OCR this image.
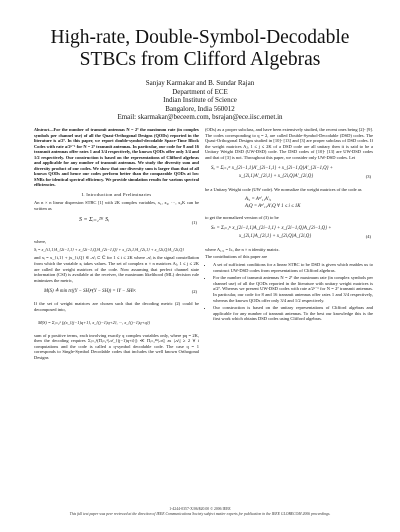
High-rate, Double-Symbol-Decodable STBCs from Clifford Algebras
Sanjay Karmakar and B. Sundar Rajan
Department of ECE
Indian Institute of Science
Bangalore, India 560012
Email: skarmakar@beceem.com, bsrajan@ece.iisc.ernet.in
Abstract—For the number of transmit antennas N = 2ª the maximum rate (in complex symbols per channel use) of all the Quasi-Orthogonal Designs (QODs) reported in the literature is a/2ª. In this paper, we report double-symbol-decodable Space-Time Block Codes with rate a/2ᵃ⁻¹ for N = 2ª transmit antennas. In particular, our code for 8 and 16 transmit antennas offer rates 1 and 3/4 respectively, the known QODs offer only 3/4 and 1/2 respectively. Our construction is based on the representations of Clifford algebras and applicable for any number of transmit antennas. We study the diversity sum and diversity product of our codes. We show that our diversity sum is larger than that of all known QODs and hence our codes perform better than the comparable QODs at low SNRs for identical spectral efficiency. We provide simulation results for various spectral efficiencies.
I. Introduction and Preliminaries
An n × n linear dispersion STBC [1] with 2K complex variables, x₁, x₂, ···, x₂K can be written as
S = Σᵢ₌₁²ᴷ Sᵢ	(1)
where,
Sᵢ = x_{i1,1}A_{2i−1,1} + x_{2i−1,Q}A_{2i−1,Q} + x_{2i,1}A_{2i,1} + x_{2i,Q}A_{2i,Q}
and xᵢ = x_{i,1} + jx_{i,Q} ∈ 𝒜ᵢ ⊂ ℂ for 1 ≤ i ≤ 2K where 𝒜ᵢ is the signal constellation from which the variable xᵢ takes values. The set of complex n × n matrices Aⱼ, 1 ≤ j ≤ 2K are called the weight matrices of the code. Now assuming that perfect channel state information (CSI) is available at the receiver, the maximum likelihood (ML) decision rule minimizes the metric,
M(S) ≜ min tr((Y − SH)ᴴ(Y − SH)) = ‖Y − SH‖².	(2)
If the set of weight matrices are chosen such that the decoding metric (2) could be decomposed into,
M(S) = Σⱼ₌₁ᵖ fⱼ(x_{(j−1)q+1}, x_{(j−1)q+2}, ···, x_{(j−1)q+q})
sum of p positive terms, each involving exactly q complex variables only, where pq = 2K, then the decoding requires Σⱼ₌₁ᵖ(Πᵢ₌₁ᵠ|𝒜_{(j−1)q+i}|) ≪ Πᵢ₌₁²ᴷ|𝒜ᵢ| as |𝒜ᵢ| ≥ 2 ∀ i computations and the code is called a q-symbol decodable code. The case q = 1 corresponds to Single-Symbol Decodable codes that includes the well known Orthogonal Designs
(ODs) as a proper subclass, and have been extensively studied, the recent ones being [2]- [9]. The codes corresponding to q = 2, are called Double-Symbol-Decodable (DSD) codes. The Quasi-Orthogonal Designs studied in [10]- [13] and [3] are proper subclass of DSD codes. If the weight matrices Aⱼ, 1 ≤ j ≤ 2K of a DSD code are all unitary then it is said to be a Unitary Weight DSD (UW-DSD) code. The DSD codes of [10]- [13] are UW-DSD codes and that of [3] is not. Throughout this paper, we consider only UW-DSD codes. Let
Sᵤ = Σᵢ₌₁ᴷ x_{2i−1,1}A'_{2i−1,1} + x_{2i−1,Q}A'_{2i−1,Q} +
x_{2i,1}A'_{2i,1} + x_{2i,Q}A'_{2i,Q}	(3)
be a Unitary Weight code (UW code). We normalize the weight matrices of the code as
Aᵢ₁ = Aᴴ'₁₁A'ᵢ₁
Aᵢ𝑄 = Aᴴ'₁₁A'ᵢ𝑄 ∀ 1 ≤ i ≤ 1K
to get the normalized version of (3) to be
Sₙ = Σᵢ₌₁ᴷ x_{2i−1,1}A_{2i−1,1} + x_{2i−1,Q}A_{2i−1,Q} +
x_{2i,1}A_{2i,1} + x_{2i,Q}A_{2i,Q}	(4)
where A₁,₁ = Iₙ, the n × n identity matrix.
The contributions of this paper are
• A set of sufficient conditions for a linear STBC to be DSD is given which enables us to construct UW-DSD codes from representations of Clifford algebras.
• For the number of transmit antennas N = 2ª the maximum rate (in complex symbols per channel use) of all the QODs reported in the literature with unitary weight matrices is a/2ª. Whereas we present UW-DSD codes with rate a/2ᵃ⁻¹ for N = 2ª transmit antennas. In particular, our code for 8 and 16 transmit antennas offer rates 1 and 3/4 respectively, whereas the known QODs offer only 3/4 and 1/2 respectively.
• Our construction is based on the unitary representations of Clifford algebras and applicable for any number of transmit antennas. To the best our knowledge this is the first work which obtains DSD codes using Clifford algebras.
1-4244-0357-X/06/$20.00 © 2006 IEEE
This full text paper was peer reviewed at the direction of IEEE Communications Society subject matter experts for publication in the IEEE GLOBECOM 2006 proceedings.
